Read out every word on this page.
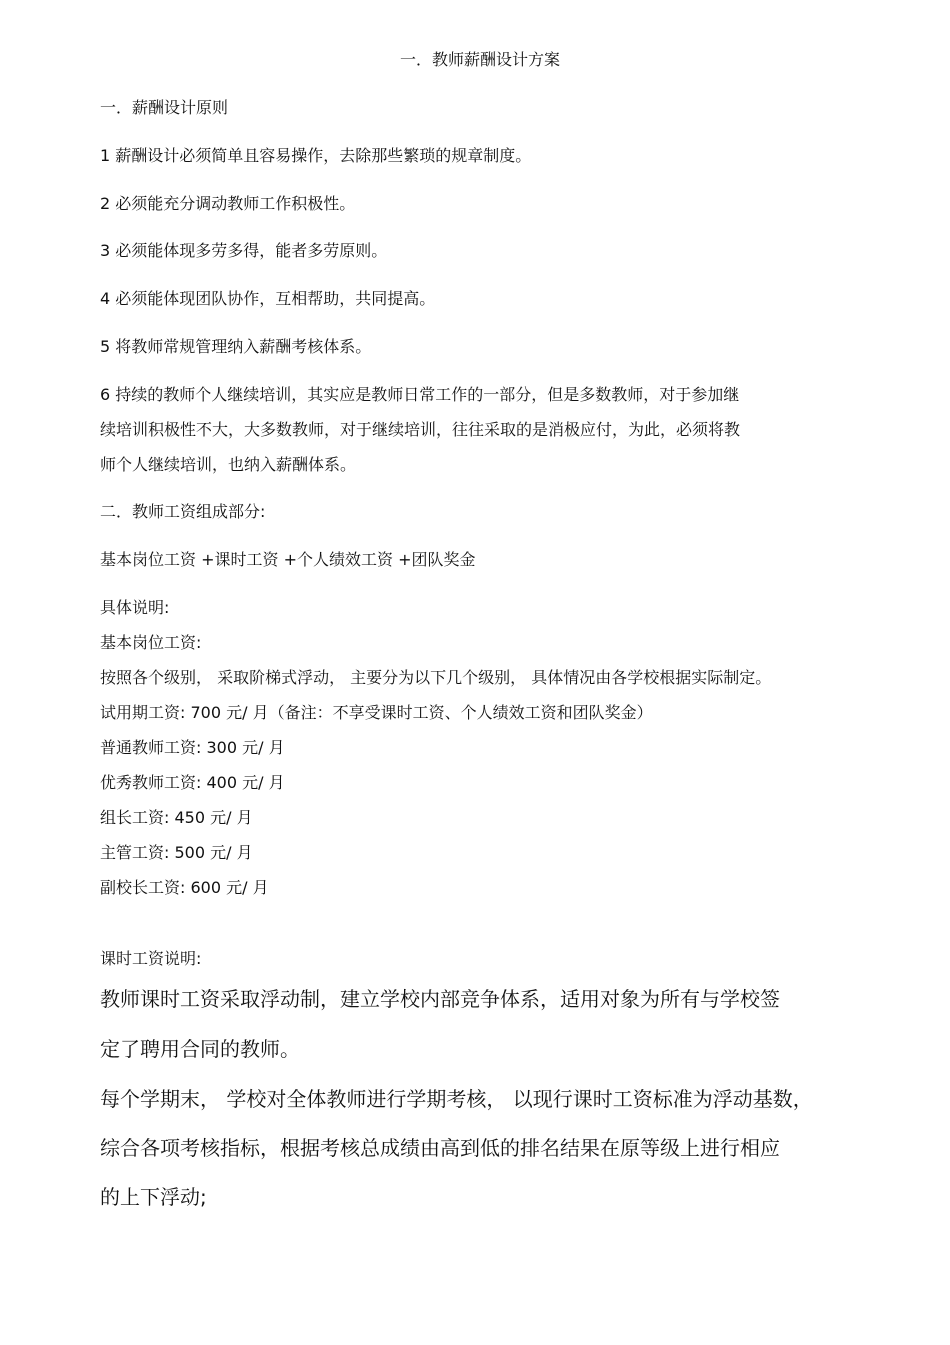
一．教师薪酬设计方案
一．薪酬设计原则
1 薪酬设计必须简单且容易操作，去除那些繁琐的规章制度。
2 必须能充分调动教师工作积极性。
3 必须能体现多劳多得，能者多劳原则。
4 必须能体现团队协作，互相帮助，共同提高。
5 将教师常规管理纳入薪酬考核体系。
6 持续的教师个人继续培训，其实应是教师日常工作的一部分，但是多数教师，对于参加继
续培训积极性不大，大多数教师，对于继续培训，往往采取的是消极应付，为此，必须将教
师个人继续培训，也纳入薪酬体系。
二．教师工资组成部分:
基本岗位工资 +课时工资 +个人绩效工资 +团队奖金
具体说明:
基本岗位工资:
按照各个级别， 采取阶梯式浮动， 主要分为以下几个级别， 具体情况由各学校根据实际制定。
试用期工资: 700 元/ 月（备注：不享受课时工资、个人绩效工资和团队奖金）
普通教师工资: 300 元/ 月
优秀教师工资: 400 元/ 月
组长工资: 450 元/ 月
主管工资: 500 元/ 月
副校长工资: 600 元/ 月
课时工资说明:
教师课时工资采取浮动制，建立学校内部竞争体系，适用对象为所有与学校签
定了聘用合同的教师。
每个学期末， 学校对全体教师进行学期考核， 以现行课时工资标准为浮动基数，
综合各项考核指标，根据考核总成绩由高到低的排名结果在原等级上进行相应
的上下浮动;
